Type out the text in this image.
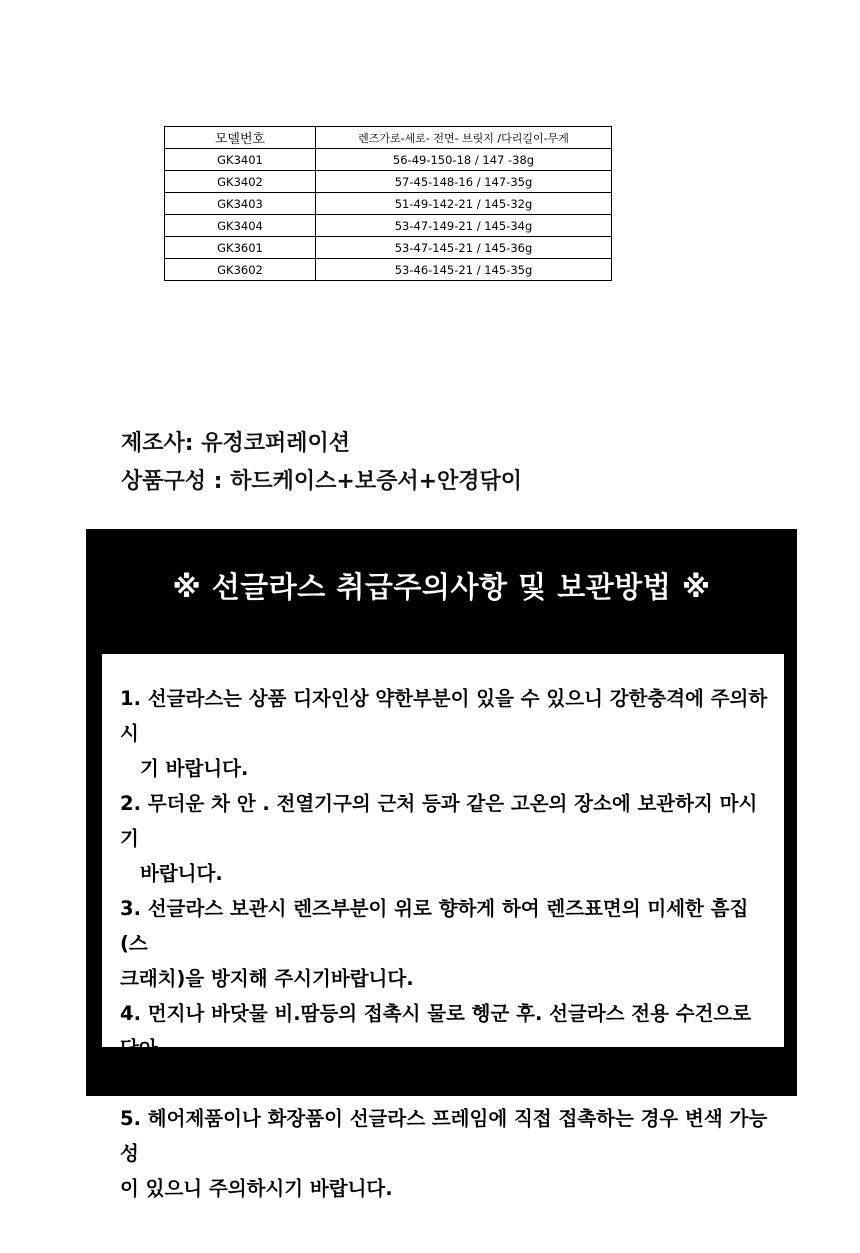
모델번호	렌즈가로-세로- 전면- 브릿지 /다리길이-무게
GK3401	56-49-150-18 / 147 -38g
GK3402	57-45-148-16 / 147-35g
GK3403	51-49-142-21 / 145-32g
GK3404	53-47-149-21 / 145-34g
GK3601	53-47-145-21 / 145-36g
GK3602	53-46-145-21 / 145-35g
제조사: 유정코퍼레이션
상품구성 : 하드케이스+보증서+안경닦이
※ 선글라스 취급주의사항 및 보관방법 ※
1. 선글라스는 상품 디자인상 약한부분이 있을 수 있으니 강한충격에 주의하시
기 바랍니다.
2. 무더운 차 안 . 전열기구의 근처 등과 같은 고온의 장소에 보관하지 마시기
바랍니다.
3. 선글라스 보관시 렌즈부분이 위로 향하게 하여 렌즈표면의 미세한 흠집 (스
크래치)을 방지해 주시기바랍니다.
4. 먼지나 바닷물 비.땀등의 접촉시 물로 헹군 후. 선글라스 전용 수건으로 닦아
주시기 바랍니다.
5. 헤어제품이나 화장품이 선글라스 프레임에 직접 접촉하는 경우 변색 가능성
이 있으니 주의하시기 바랍니다.
